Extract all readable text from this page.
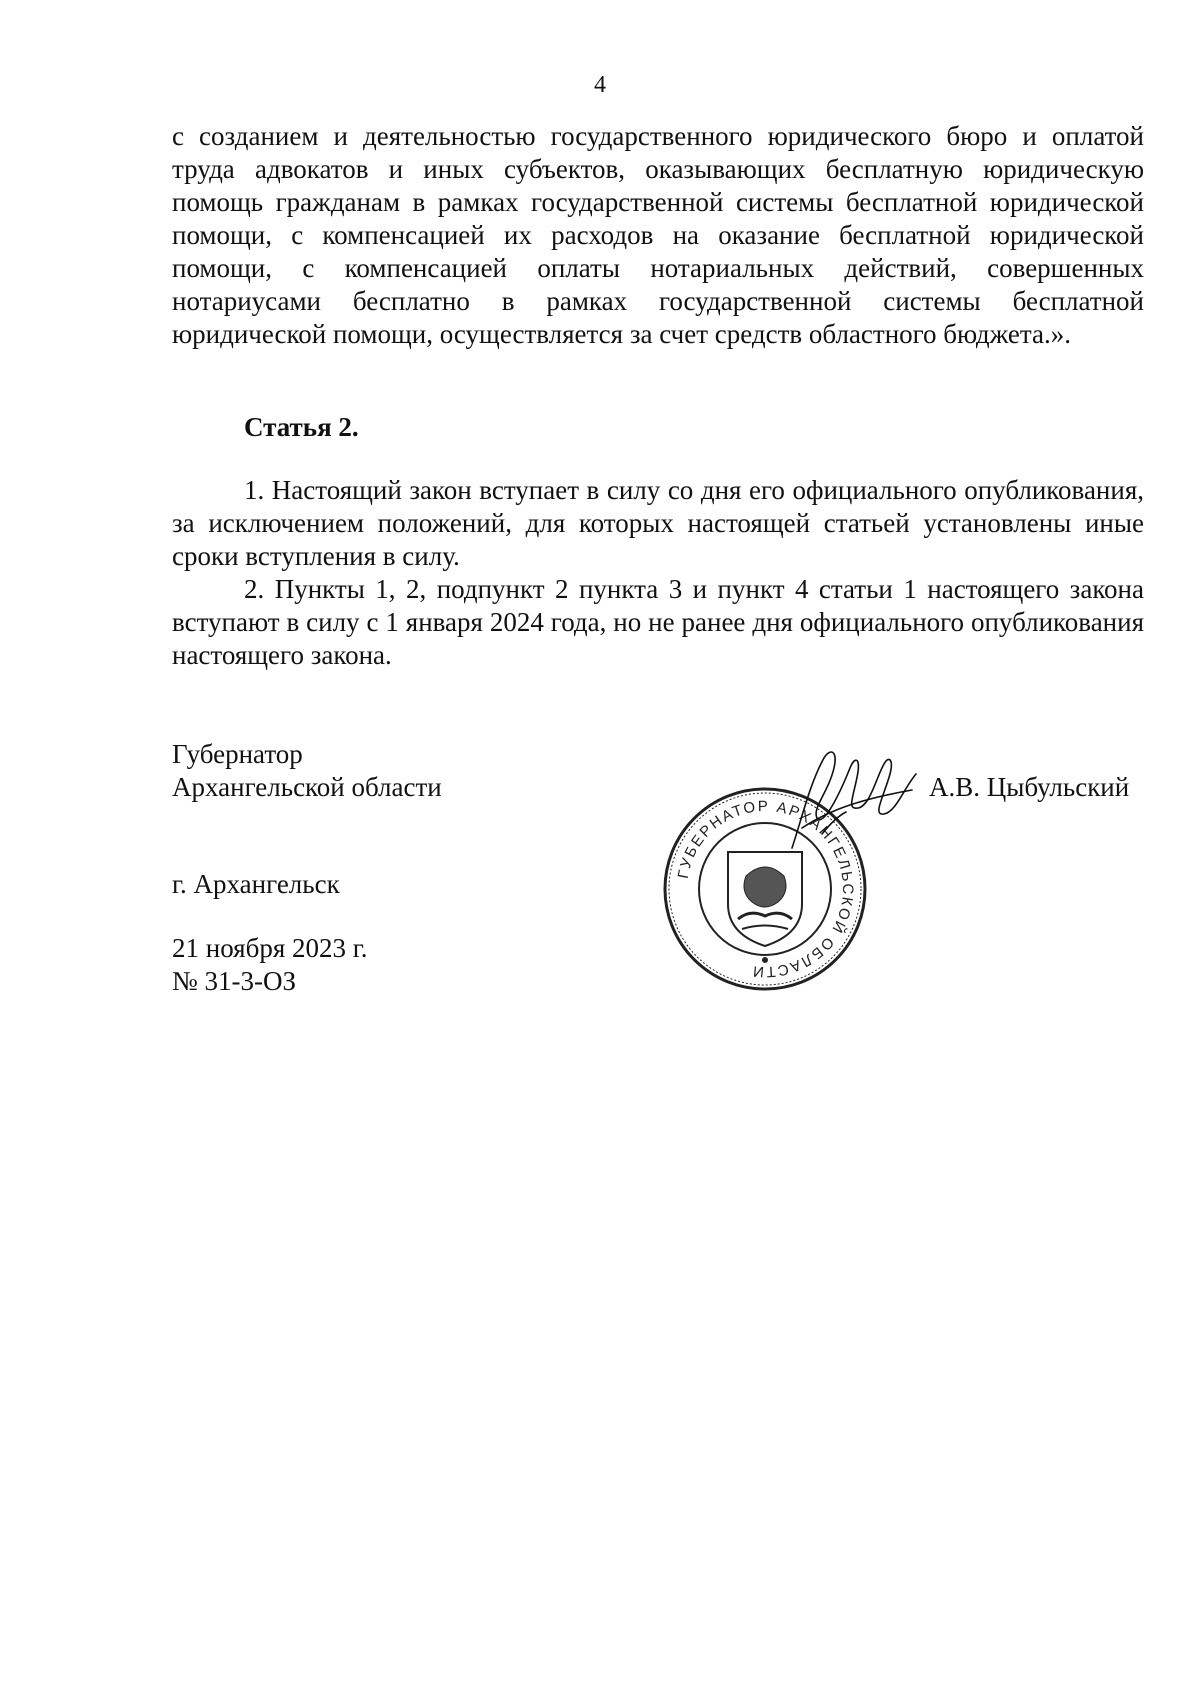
4
с созданием и деятельностью государственного юридического бюро и оплатой труда адвокатов и иных субъектов, оказывающих бесплатную юридическую помощь гражданам в рамках государственной системы бесплатной юридической помощи, с компенсацией их расходов на оказание бесплатной юридической помощи, с компенсацией оплаты нотариальных действий, совершенных нотариусами бесплатно в рамках государственной системы бесплатной юридической помощи, осуществляется за счет средств областного бюджета.».
Статья 2.

1. Настоящий закон вступает в силу со дня его официального опубликования, за исключением положений, для которых настоящей статьей установлены иные сроки вступления в силу.

2. Пункты 1, 2, подпункт 2 пункта 3 и пункт 4 статьи 1 настоящего закона вступают в силу с 1 января 2024 года, но не ранее дня официального опубликования настоящего закона.

Губернатор
Архангельской области
ГУБЕРНАТОР АРХАНГЕЛЬСКОЙ ОБЛАСТИ
А.В. Цыбульский
г. Архангельск
21 ноября 2023 г.
№ 31-3-ОЗ
